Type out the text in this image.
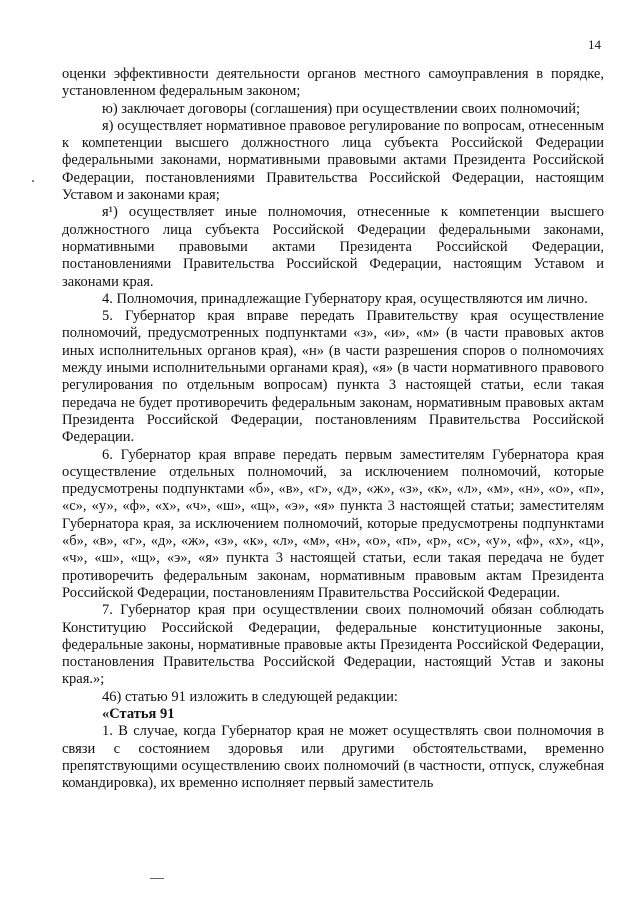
14

оценки эффективности деятельности органов местного самоуправления в порядке, установленном федеральным законом;

ю) заключает договоры (соглашения) при осуществлении своих полномочий;

я) осуществляет нормативное правовое регулирование по вопросам, отнесенным к компетенции высшего должностного лица субъекта Российской Федерации федеральными законами, нормативными правовыми актами Президента Российской Федерации, постановлениями Правительства Российской Федерации, настоящим Уставом и законами края;

я¹) осуществляет иные полномочия, отнесенные к компетенции высшего должностного лица субъекта Российской Федерации федеральными законами, нормативными правовыми актами Президента Российской Федерации, постановлениями Правительства Российской Федерации, настоящим Уставом и законами края.

4. Полномочия, принадлежащие Губернатору края, осуществляются им лично.

5. Губернатор края вправе передать Правительству края осуществление полномочий, предусмотренных подпунктами «з», «и», «м» (в части правовых актов иных исполнительных органов края), «н» (в части разрешения споров о полномочиях между иными исполнительными органами края), «я» (в части нормативного правового регулирования по отдельным вопросам) пункта 3 настоящей статьи, если такая передача не будет противоречить федеральным законам, нормативным правовых актам Президента Российской Федерации, постановлениям Правительства Российской Федерации.

6. Губернатор края вправе передать первым заместителям Губернатора края осуществление отдельных полномочий, за исключением полномочий, которые предусмотрены подпунктами «б», «в», «г», «д», «ж», «з», «к», «л», «м», «н», «о», «п», «с», «у», «ф», «х», «ч», «ш», «щ», «э», «я» пункта 3 настоящей статьи; заместителям Губернатора края, за исключением полномочий, которые предусмотрены подпунктами «б», «в», «г», «д», «ж», «з», «к», «л», «м», «н», «о», «п», «р», «с», «у», «ф», «х», «ц», «ч», «ш», «щ», «э», «я» пункта 3 настоящей статьи, если такая передача не будет противоречить федеральным законам, нормативным правовым актам Президента Российской Федерации, постановлениям Правительства Российской Федерации.

7. Губернатор края при осуществлении своих полномочий обязан соблюдать Конституцию Российской Федерации, федеральные конституционные законы, федеральные законы, нормативные правовые акты Президента Российской Федерации, постановления Правительства Российской Федерации, настоящий Устав и законы края.»;

46) статью 91 изложить в следующей редакции:

«Статья 91

1. В случае, когда Губернатор края не может осуществлять свои полномочия в связи с состоянием здоровья или другими обстоятельствами, временно препятствующими осуществлению своих полномочий (в частности, отпуск, служебная командировка), их временно исполняет первый заместитель
